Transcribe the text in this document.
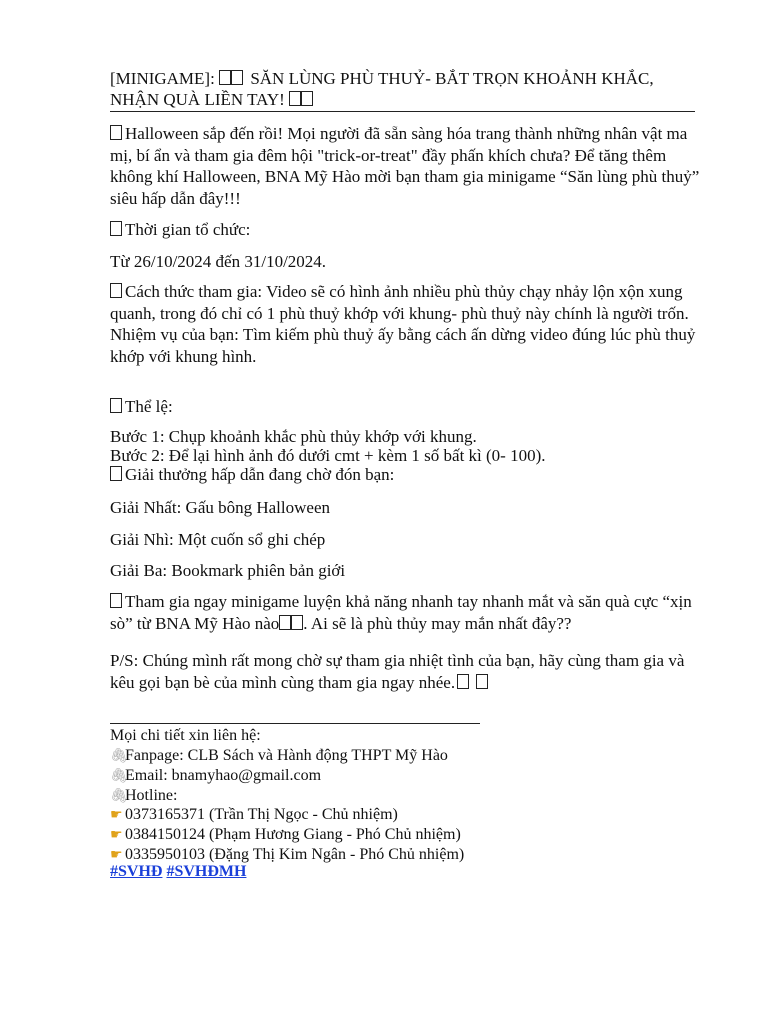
[MINIGAME]:  SĂN LÙNG PHÙ THUỶ- BẮT TRỌN KHOẢNH KHẮC,
NHẬN QUÀ LIỀN TAY!

Halloween sắp đến rồi! Mọi người đã sẵn sàng hóa trang thành những nhân vật ma mị, bí ẩn và tham gia đêm hội "trick-or-treat" đầy phấn khích chưa? Để tăng thêm không khí Halloween, BNA Mỹ Hào mời bạn tham gia minigame “Săn lùng phù thuỷ” siêu hấp dẫn đây!!!

Thời gian tổ chức:

Từ 26/10/2024 đến 31/10/2024.

Cách thức tham gia: Video sẽ có hình ảnh nhiều phù thủy chạy nhảy lộn xộn xung quanh, trong đó chỉ có 1 phù thuỷ khớp với khung- phù thuỷ này chính là người trốn.
Nhiệm vụ của bạn: Tìm kiếm phù thuỷ ấy bằng cách ấn dừng video đúng lúc phù thuỷ khớp với khung hình.

Thể lệ:

Bước 1: Chụp khoảnh khắc phù thủy khớp với khung.
Bước 2: Để lại hình ảnh đó dưới cmt + kèm 1 số bất kì (0- 100).
Giải thưởng hấp dẫn đang chờ đón bạn:

Giải Nhất: Gấu bông Halloween

Giải Nhì: Một cuốn sổ ghi chép

Giải Ba: Bookmark phiên bản giới

Tham gia ngay minigame luyện khả năng nhanh tay nhanh mắt và săn quà cực “xịn sò” từ BNA Mỹ Hào nào . Ai sẽ là phù thủy may mắn nhất đây??

P/S: Chúng mình rất mong chờ sự tham gia nhiệt tình của bạn, hãy cùng tham gia và kêu gọi bạn bè của mình cùng tham gia ngay nhée.

Mọi chi tiết xin liên hệ:
🖇Fanpage: CLB Sách và Hành động THPT Mỹ Hào
🖇Email: bnamyhao@gmail.com
🖇Hotline:
☛ 0373165371 (Trần Thị Ngọc - Chủ nhiệm)
☛ 0384150124 (Phạm Hương Giang - Phó Chủ nhiệm)
☛ 0335950103 (Đặng Thị Kim Ngân - Phó Chủ nhiệm)
#SVHĐ #SVHĐMH
